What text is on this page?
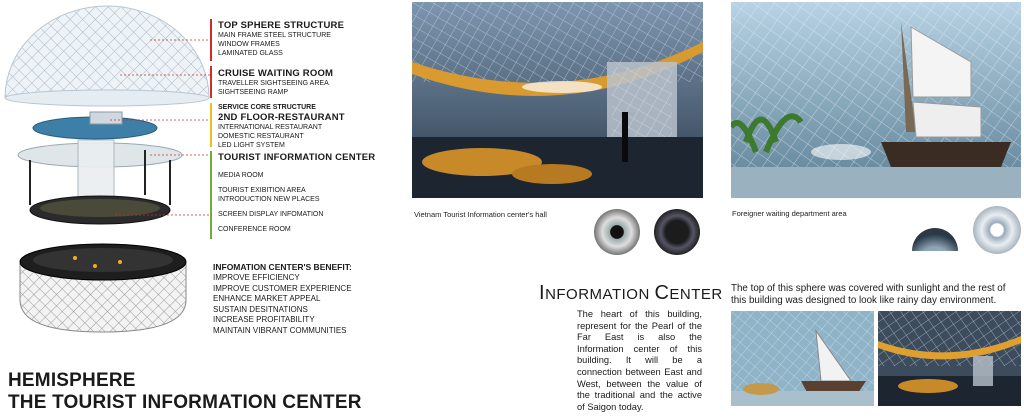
TOP SPHERE STRUCTURE
MAIN FRAME STEEL STRUCTURE
WINDOW FRAMES
LAMINATED GLASS
CRUISE WAITING ROOM
TRAVELLER SIGHTSEEING AREA
SIGHTSEEING RAMP
SERVICE CORE STRUCTURE
2ND FLOOR-RESTAURANT
INTERNATIONAL RESTAURANT
DOMESTIC RESTAURANT
LED LIGHT SYSTEM
TOURIST INFORMATION CENTER
MEDIA ROOM
TOURIST EXIBITION AREA
INTRODUCTION NEW PLACES
SCREEN DISPLAY INFOMATION
CONFERENCE ROOM
INFOMATION CENTER'S BENEFIT:
IMPROVE EFFICIENCY
IMPROVE CUSTOMER EXPERIENCE
ENHANCE MARKET APPEAL
SUSTAIN DESITNATIONS
INCREASE PROFITABILITY
MAINTAIN VIBRANT COMMUNITIES
HEMISPHERE
THE TOURIST INFORMATION CENTER
Vietnam Tourist Information center's hall	Foreigner waiting department area
INFORMATION CENTER
The heart of this building, represent for the Pearl of the Far East is also the Information center of this building. It will be a connection between East and West, between the value of the traditional and the active of Saigon today.
The top of this sphere was covered with sunlight and the rest of this building was designed to look like rainy day environment.
